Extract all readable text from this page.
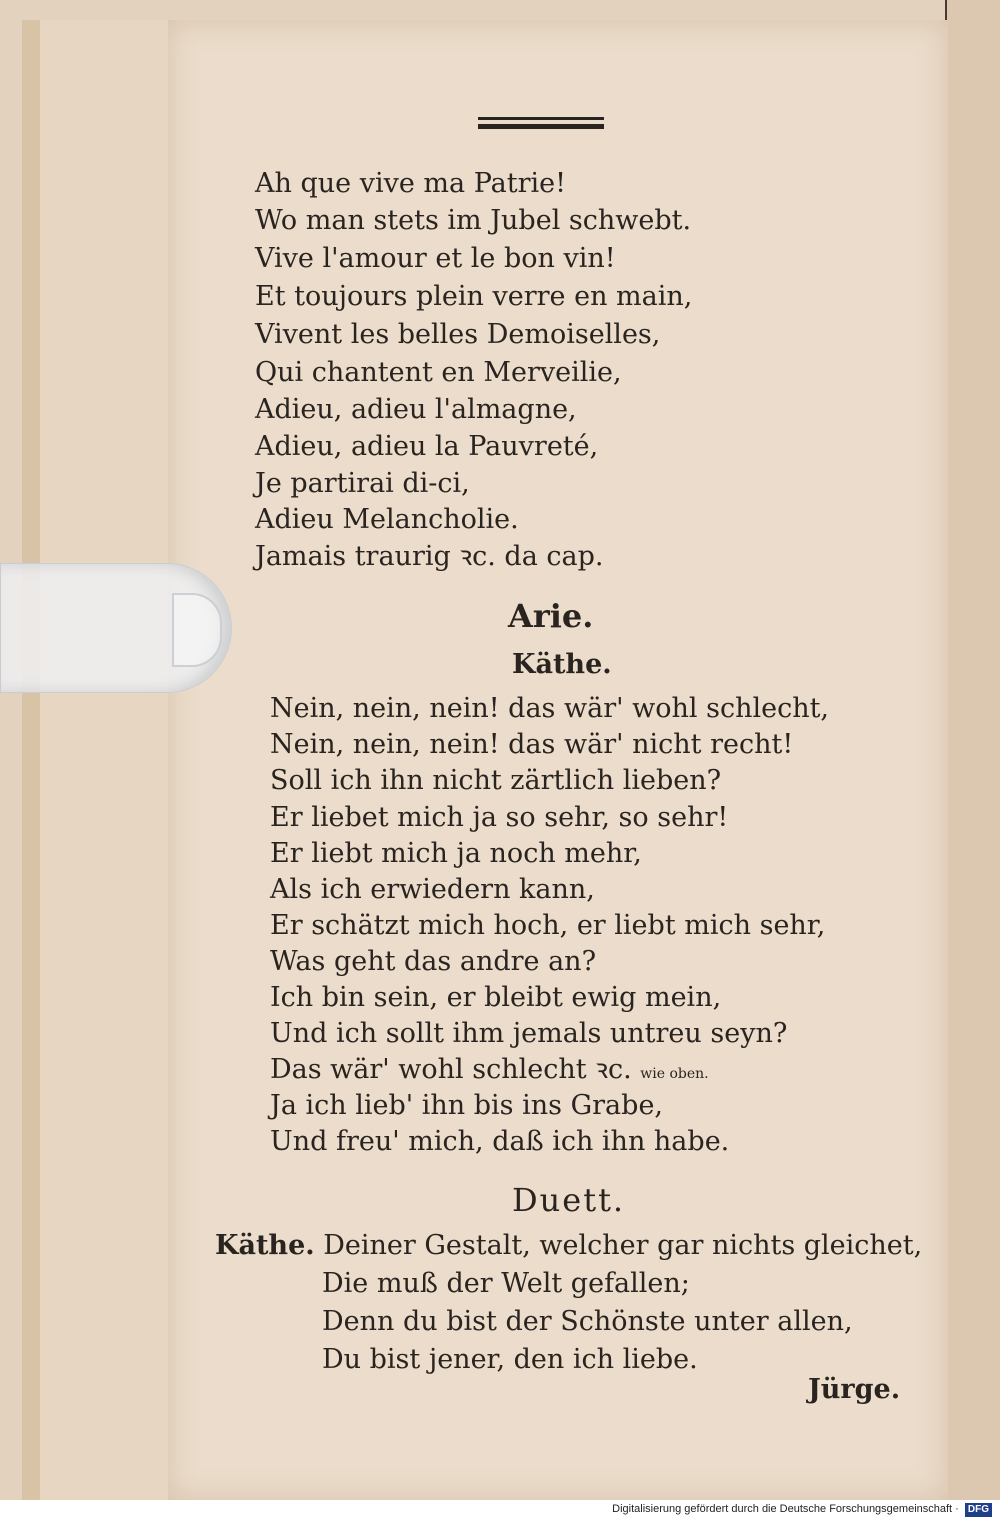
Ah que vive ma Patrie!
Wo man stets im Jubel schwebt.
Vive l'amour et le bon vin!
Et toujours plein verre en main,
Vivent les belles Demoiselles,
Qui chantent en Merveilie,
Adieu, adieu l'almagne,
Adieu, adieu la Pauvreté,
Je partirai di-ci,
Adieu Melancholie.
Jamais traurig ꝛc. da cap.
Arie.
Käthe.
Nein, nein, nein! das wär' wohl schlecht,
Nein, nein, nein! das wär' nicht recht!
Soll ich ihn nicht zärtlich lieben?
Er liebet mich ja so sehr, so sehr!
Er liebt mich ja noch mehr,
Als ich erwiedern kann,
Er schätzt mich hoch, er liebt mich sehr,
Was geht das andre an?
Ich bin sein, er bleibt ewig mein,
Und ich sollt ihm jemals untreu seyn?
Das wär' wohl schlecht ꝛc. wie oben.
Ja ich lieb' ihn bis ins Grabe,
Und freu' mich, daß ich ihn habe.
Duett.
Käthe. Deiner Gestalt, welcher gar nichts gleichet,
Die muß der Welt gefallen;
Denn du bist der Schönste unter allen,
Du bist jener, den ich liebe.
Jürge.
Digitalisierung gefördert durch die Deutsche Forschungsgemeinschaft · DFG
